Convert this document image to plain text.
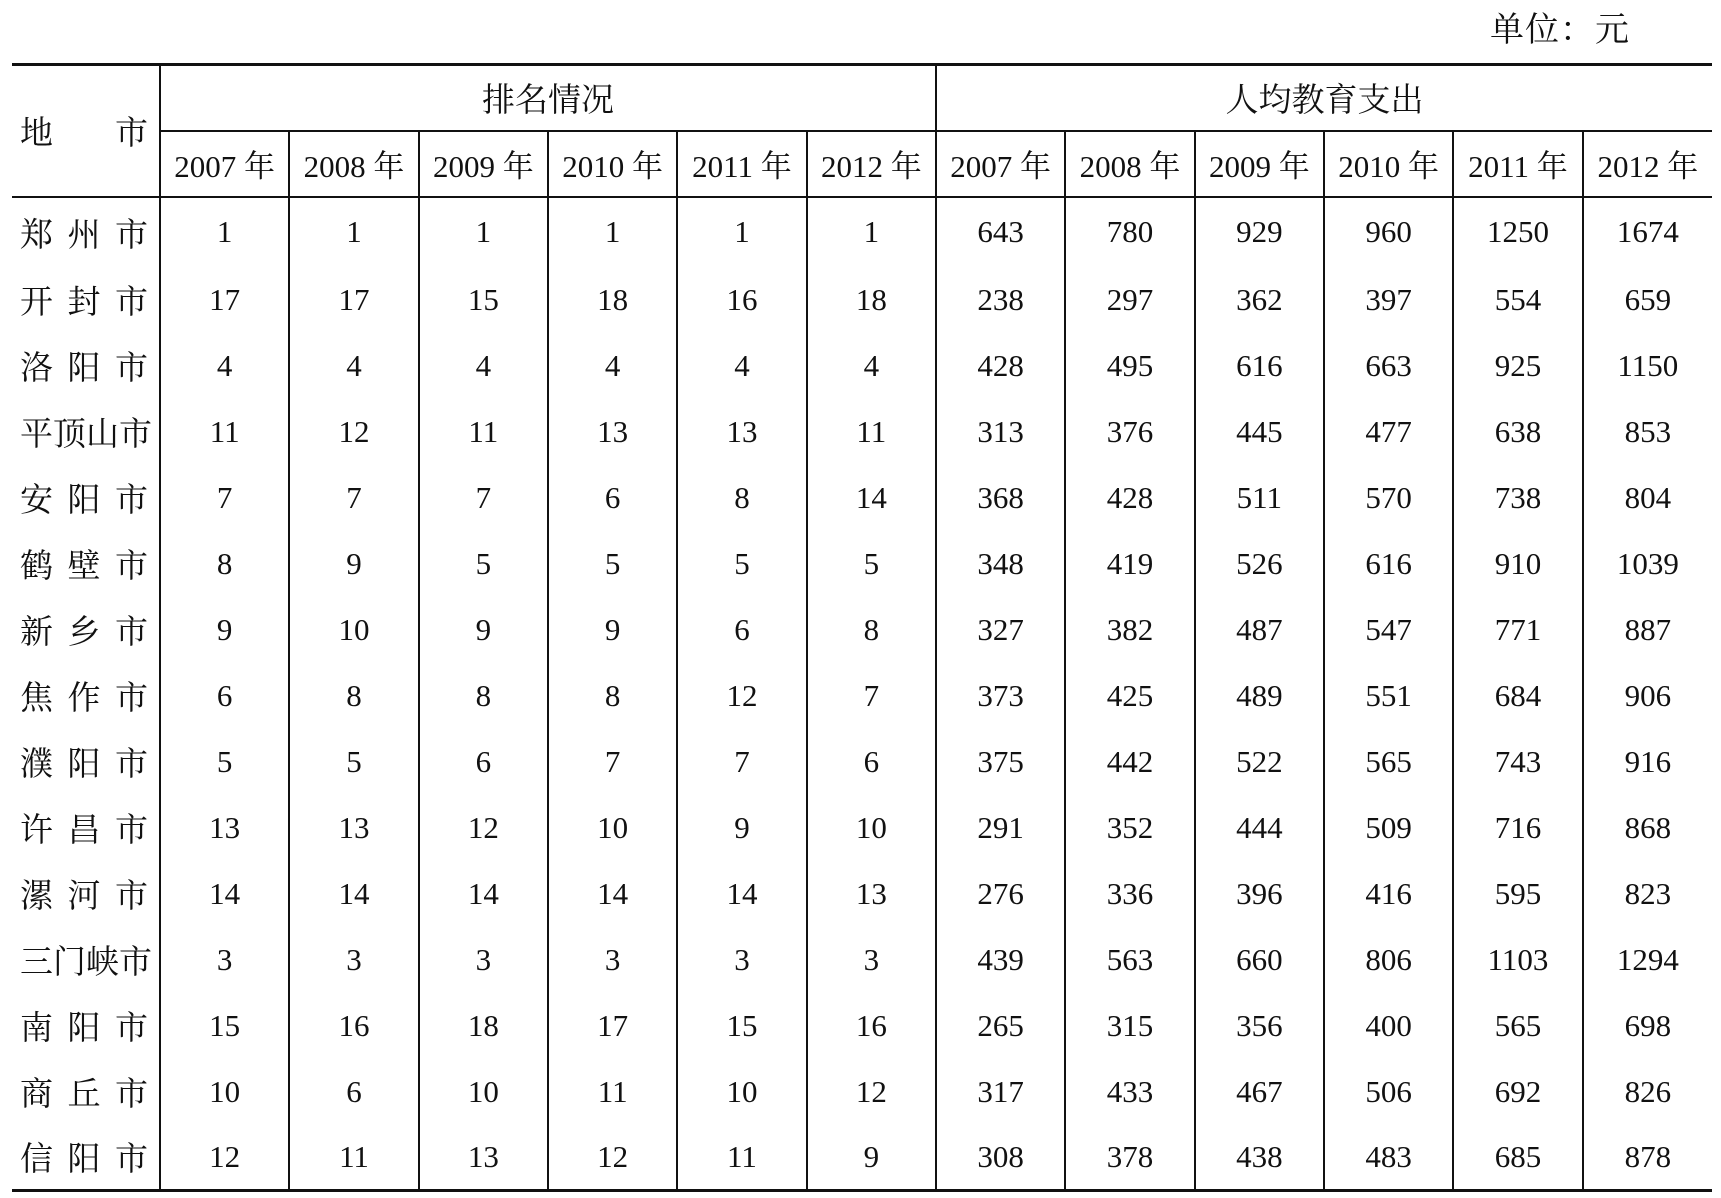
单位：元
地 市	排名情况						人均教育支出					
	2007 年	2008 年	2009 年	2010 年	2011 年	2012 年	2007 年	2008 年	2009 年	2010 年	2011 年	2012 年

郑 州 市	1	1	1	1	1	1	643	780	929	960	1250	1674

开 封 市	17	17	15	18	16	18	238	297	362	397	554	659

洛 阳 市	4	4	4	4	4	4	428	495	616	663	925	1150

平 顶 山 市	11	12	11	13	13	11	313	376	445	477	638	853

安 阳 市	7	7	7	6	8	14	368	428	511	570	738	804

鹤 壁 市	8	9	5	5	5	5	348	419	526	616	910	1039

新 乡 市	9	10	9	9	6	8	327	382	487	547	771	887

焦 作 市	6	8	8	8	12	7	373	425	489	551	684	906

濮 阳 市	5	5	6	7	7	6	375	442	522	565	743	916

许 昌 市	13	13	12	10	9	10	291	352	444	509	716	868

漯 河 市	14	14	14	14	14	13	276	336	396	416	595	823

三 门 峡 市	3	3	3	3	3	3	439	563	660	806	1103	1294

南 阳 市	15	16	18	17	15	16	265	315	356	400	565	698

商 丘 市	10	6	10	11	10	12	317	433	467	506	692	826

信 阳 市	12	11	13	12	11	9	308	378	438	483	685	878
